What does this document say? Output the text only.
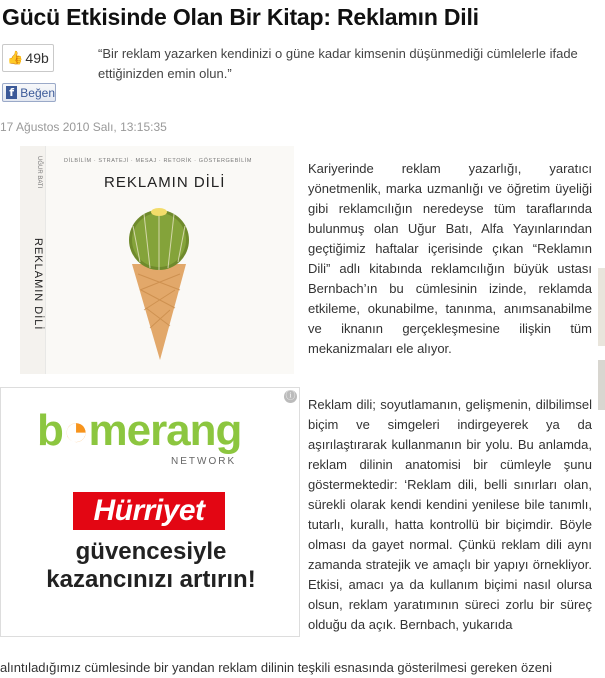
Gücü Etkisinde Olan Bir Kitap: Reklamın Dili
👍 49b
f Beğen
“Bir reklam yazarken kendinizi o güne kadar kimsenin düşünmediği cümlelerle ifade ettiğinizden emin olun.”
17 Ağustos 2010 Salı, 13:15:35
DİLBİLİM · STRATEJİ · MESAJ · RETORİK · GÖSTERGEBİLİM
REKLAMIN DİLİ
UĞUR BATI
REKLAMIN DİLİ
Kariyerinde reklam yazarlığı, yaratıcı yönetmenlik, marka uzmanlığı ve öğretim üyeliği gibi reklamcılığın neredeyse tüm taraflarında bulunmuş olan Uğur Batı, Alfa Yayınlarından geçtiğimiz haftalar içerisinde çıkan “Reklamın Dili” adlı kitabında reklamcılığın büyük ustası Bernbach’ın bu cümlesinin izinde, reklamda etkileme, okunabilme, tanınma, anımsanabilme ve iknanın gerçekleşmesine ilişkin tüm mekanizmaları ele alıyor.
ⓘ
b◔merang
NETWORK
Hürriyet
güvencesiyle
kazancınızı artırın!
Reklam dili; soyutlamanın, gelişmenin, dilbilimsel biçim ve simgeleri indirgeyerek ya da aşırılaştırarak kullanmanın bir yolu. Bu anlamda, reklam dilinin anatomisi bir cümleyle şunu göstermektedir: ‘Reklam dili, belli sınırları olan, sürekli olarak kendi kendini yenilese bile tanımlı, tutarlı, kurallı, hatta kontrollü bir biçimdir. Böyle olması da gayet normal. Çünkü reklam dili aynı zamanda stratejik ve amaçlı bir yapıyı örnekliyor. Etkisi, amacı ya da kullanım biçimi nasıl olursa olsun, reklam yaratımının süreci zorlu bir süreç olduğu da açık. Bernbach, yukarıda
alıntıladığımız cümlesinde bir yandan reklam dilinin teşkili esnasında gösterilmesi gereken özeni
